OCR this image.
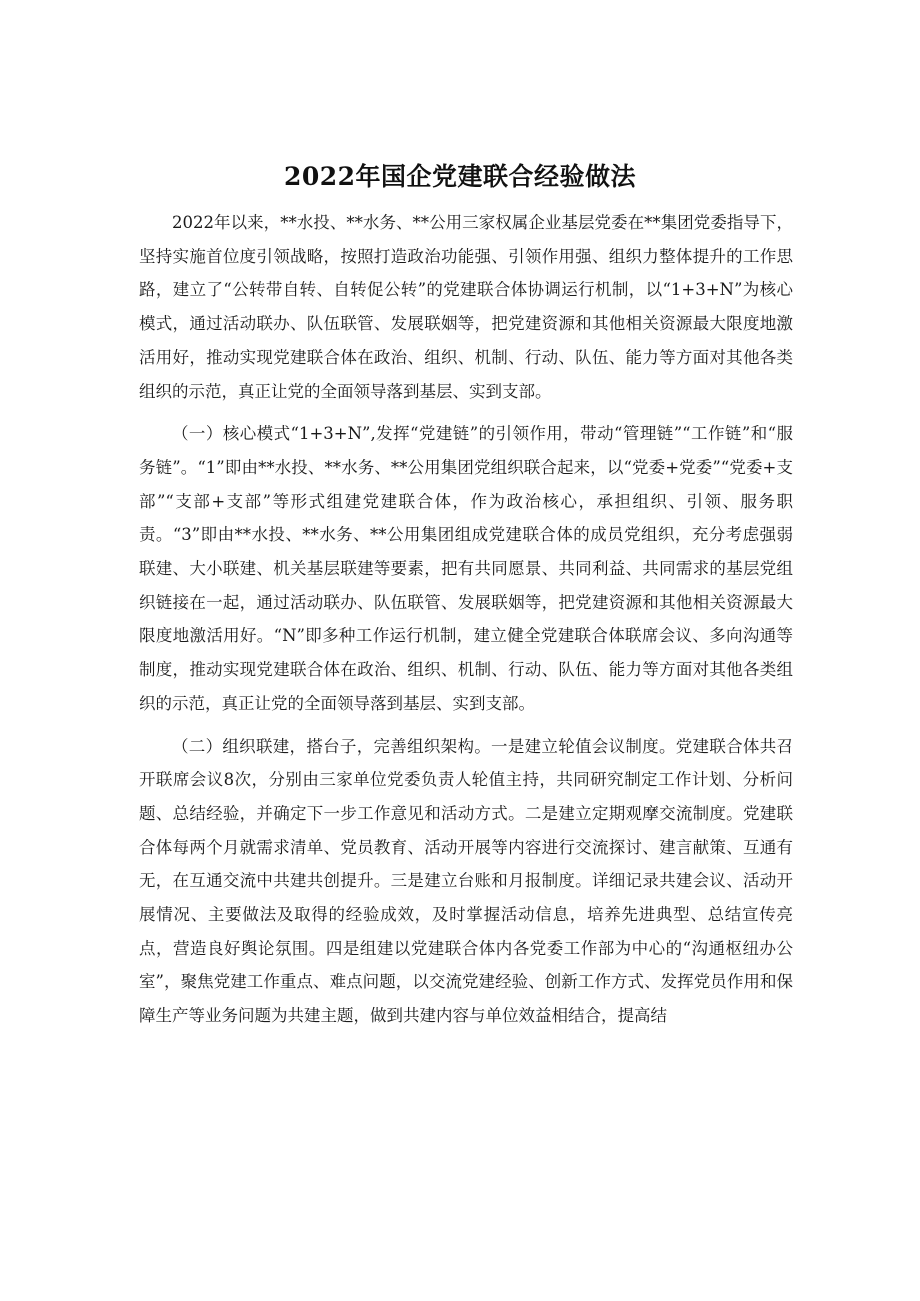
2022年国企党建联合经验做法

2022年以来，**水投、**水务、**公用三家权属企业基层党委在**集团党委指导下，坚持实施首位度引领战略，按照打造政治功能强、引领作用强、组织力整体提升的工作思路，建立了“公转带自转、自转促公转”的党建联合体协调运行机制，以“1+3+N”为核心模式，通过活动联办、队伍联管、发展联姻等，把党建资源和其他相关资源最大限度地激活用好，推动实现党建联合体在政治、组织、机制、行动、队伍、能力等方面对其他各类组织的示范，真正让党的全面领导落到基层、实到支部。

（一）核心模式“1+3+N”,发挥“党建链”的引领作用，带动“管理链”“工作链”和“服务链”。“1”即由**水投、**水务、**公用集团党组织联合起来，以“党委+党委”“党委+支部”“支部+支部”等形式组建党建联合体，作为政治核心，承担组织、引领、服务职责。“3”即由**水投、**水务、**公用集团组成党建联合体的成员党组织，充分考虑强弱联建、大小联建、机关基层联建等要素，把有共同愿景、共同利益、共同需求的基层党组织链接在一起，通过活动联办、队伍联管、发展联姻等，把党建资源和其他相关资源最大限度地激活用好。“N”即多种工作运行机制，建立健全党建联合体联席会议、多向沟通等制度，推动实现党建联合体在政治、组织、机制、行动、队伍、能力等方面对其他各类组织的示范，真正让党的全面领导落到基层、实到支部。

（二）组织联建，搭台子，完善组织架构。一是建立轮值会议制度。党建联合体共召开联席会议8次，分别由三家单位党委负责人轮值主持，共同研究制定工作计划、分析问题、总结经验，并确定下一步工作意见和活动方式。二是建立定期观摩交流制度。党建联合体每两个月就需求清单、党员教育、活动开展等内容进行交流探讨、建言献策、互通有无，在互通交流中共建共创提升。三是建立台账和月报制度。详细记录共建会议、活动开展情况、主要做法及取得的经验成效，及时掌握活动信息，培养先进典型、总结宣传亮点，营造良好舆论氛围。四是组建以党建联合体内各党委工作部为中心的“沟通枢纽办公室”，聚焦党建工作重点、难点问题，以交流党建经验、创新工作方式、发挥党员作用和保障生产等业务问题为共建主题，做到共建内容与单位效益相结合，提高结
